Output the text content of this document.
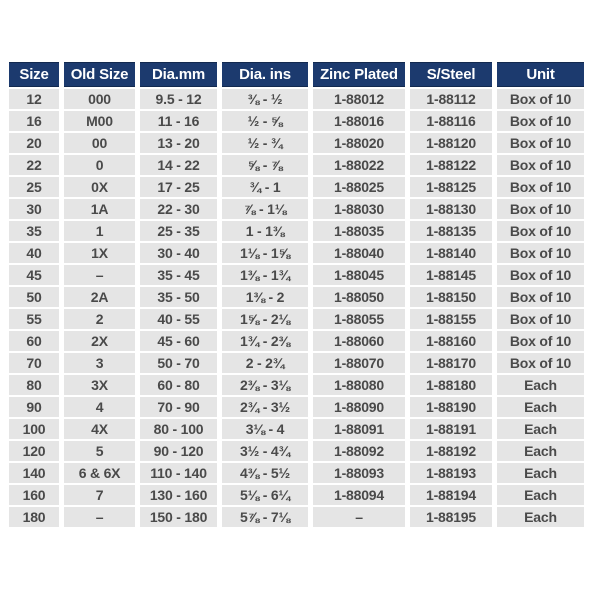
Size	Old Size	Dia.mm	Dia. ins	Zinc Plated	S/Steel	Unit
12	000	9.5 - 12	⅜ - ½	1-88012	1-88112	Box of 10
16	M00	11 - 16	½ - ⅝	1-88016	1-88116	Box of 10
20	00	13 - 20	½ - ¾	1-88020	1-88120	Box of 10
22	0	14 - 22	⅝ - ⅞	1-88022	1-88122	Box of 10
25	0X	17 - 25	¾ - 1	1-88025	1-88125	Box of 10
30	1A	22 - 30	⅞ - 1⅛	1-88030	1-88130	Box of 10
35	1	25 - 35	1 - 1⅜	1-88035	1-88135	Box of 10
40	1X	30 - 40	1⅛ - 1⅝	1-88040	1-88140	Box of 10
45	–	35 - 45	1⅜ - 1¾	1-88045	1-88145	Box of 10
50	2A	35 - 50	1⅜ - 2	1-88050	1-88150	Box of 10
55	2	40 - 55	1⅝ - 2⅛	1-88055	1-88155	Box of 10
60	2X	45 - 60	1¾ - 2⅜	1-88060	1-88160	Box of 10
70	3	50 - 70	2 - 2¾	1-88070	1-88170	Box of 10
80	3X	60 - 80	2⅜ - 3⅛	1-88080	1-88180	Each
90	4	70 - 90	2¾ - 3½	1-88090	1-88190	Each
100	4X	80 - 100	3⅛ - 4	1-88091	1-88191	Each
120	5	90 - 120	3½ - 4¾	1-88092	1-88192	Each
140	6 & 6X	110 - 140	4⅜ - 5½	1-88093	1-88193	Each
160	7	130 - 160	5⅛ - 6¼	1-88094	1-88194	Each
180	–	150 - 180	5⅞ - 7⅛	–	1-88195	Each
